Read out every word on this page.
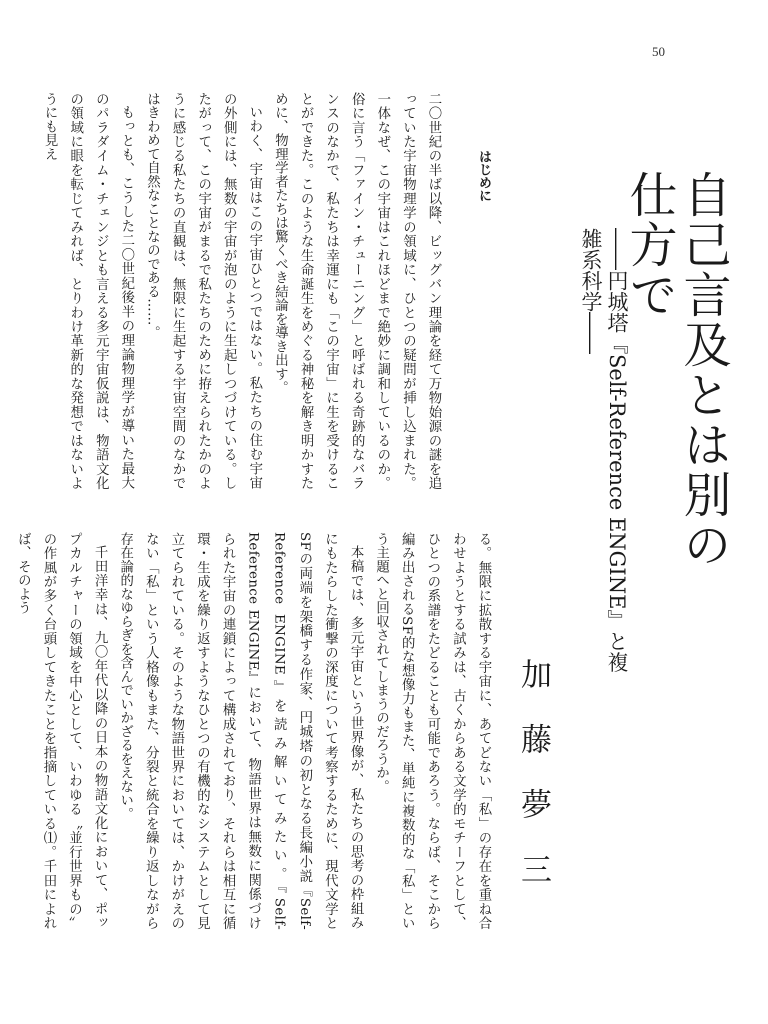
50
自己言及とは別の仕方で
――円城塔『Self-Reference ENGINE』と複雑系科学――
加藤夢三
はじめに

二〇世紀の半ば以降、ビッグバン理論を経て万物始源の謎を追っていた宇宙物理学の領域に、ひとつの疑問が挿し込まれた。一体なぜ、この宇宙はこれほどまで絶妙に調和しているのか。俗に言う「ファイン・チューニング」と呼ばれる奇跡的なバランスのなかで、私たちは幸運にも「この宇宙」に生を受けることができた。このような生命誕生をめぐる神秘を解き明かすために、物理学者たちは驚くべき結論を導き出す。

いわく、宇宙はこの宇宙ひとつではない。私たちの住む宇宙の外側には、無数の宇宙が泡のように生起しつづけている。したがって、この宇宙がまるで私たちのために拵えられたかのように感じる私たちの直観は、無限に生起する宇宙空間のなかではきわめて自然なことなのである……。

もっとも、こうした二〇世紀後半の理論物理学が導いた最大のパラダイム・チェンジとも言える多元宇宙仮説は、物語文化の領域に眼を転じてみれば、とりわけ革新的な発想ではないようにも見え

る。無限に拡散する宇宙に、あてどない「私」の存在を重ね合わせようとする試みは、古くからある文学的モチーフとして、ひとつの系譜をたどることも可能であろう。ならば、そこから編み出されるSF的な想像力もまた、単純に複数的な「私」という主題へと回収されてしまうのだろうか。

本稿では、多元宇宙という世界像が、私たちの思考の枠組みにもたらした衝撃の深度について考察するために、現代文学とSFの両端を架橋する作家、円城塔の初となる長編小説『Self-Reference ENGINE』を読み解いてみたい。『Self-Reference ENGINE』において、物語世界は無数に関係づけられた宇宙の連鎖によって構成されており、それらは相互に循環・生成を繰り返すようなひとつの有機的なシステムとして見立てられている。そのような物語世界においては、かけがえのない「私」という人格像もまた、分裂と統合を繰り返しながら存在論的なゆらぎを含んでいかざるをえない。

千田洋幸は、九〇年代以降の日本の物語文化において、ポップカルチャーの領域を中心として、いわゆる〝並行世界もの〟の作風が多く台頭してきたことを指摘している⑴。千田によれば、そのよう
